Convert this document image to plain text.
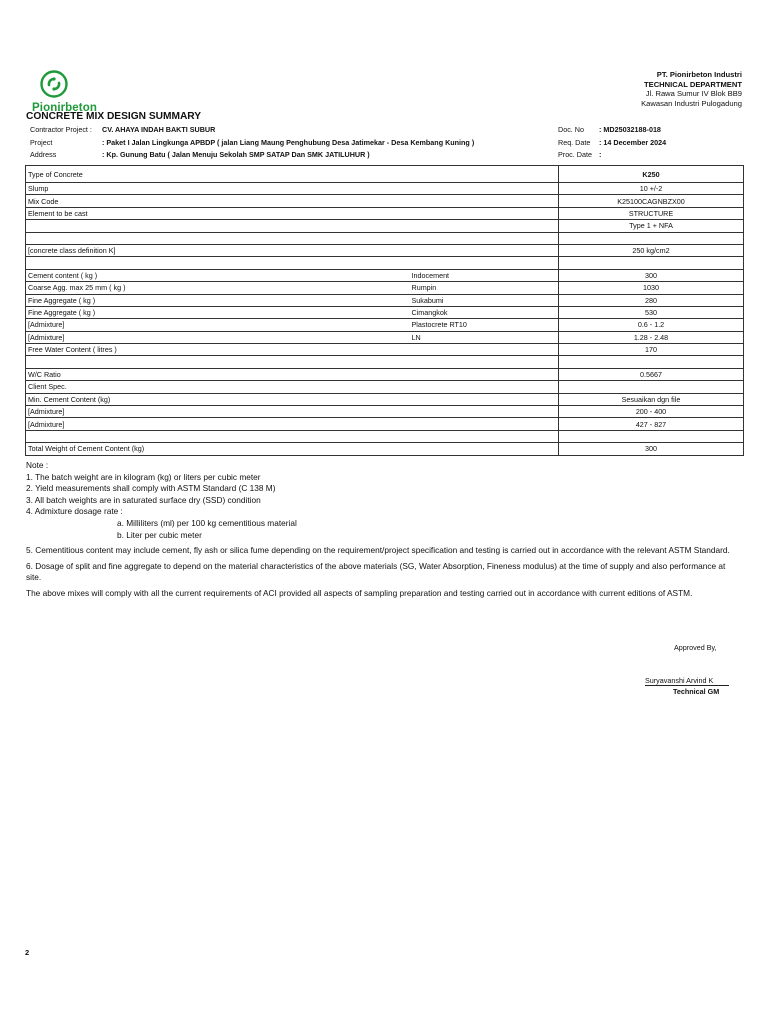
Pionirbeton
PT. Pionirbeton Industri
TECHNICAL DEPARTMENT
Jl. Rawa Sumur IV Blok BB9
Kawasan Industri Pulogadung
CONCRETE MIX DESIGN SUMMARY
Contractor Project :	CV. AHAYA INDAH BAKTI SUBUR
Project	: Paket I Jalan Lingkunga APBDP ( jalan Liang Maung Penghubung Desa Jatimekar - Desa Kembang Kuning )
Address	: Kp. Gunung Batu ( Jalan Menuju Sekolah SMP SATAP Dan SMK JATILUHUR )
Doc. No	: MD25032188-018
Req. Date	: 14 December 2024
Proc. Date :
Type of Concrete		K250
Slump		10 +/-2
Mix Code		K25100CAGNBZX00
Element to be cast		STRUCTURE
		Type 1 + NFA

[concrete class definition K]		250 kg/cm2

Cement content ( kg )	Indocement	300
Coarse Agg. max 25 mm ( kg )	Rumpin	1030
Fine Aggregate ( kg )	Sukabumi	280
Fine Aggregate ( kg )	Cimangkok	530
[Admixture]	Plastocrete RT10	0.6 - 1.2
[Admixture]	LN	1.28 - 2.48
Free Water Content ( litres )		170

W/C Ratio		0.5667
Client Spec.		
Min. Cement Content (kg)		Sesuaikan dgn file
[Admixture]		200 - 400
[Admixture]		427 - 827

Total Weight of Cement Content (kg)		300
Note :
1. The batch weight are in kilogram (kg) or liters per cubic meter
2. Yield measurements shall comply with ASTM Standard (C 138 M)
3. All batch weights are in saturated surface dry (SSD) condition
4. Admixture dosage rate :
a. Milliliters (ml) per 100 kg cementitious material
b. Liter per cubic meter
5. Cementitious content may include cement, fly ash or silica fume depending on the requirement/project specification and testing is carried out in accordance with the relevant ASTM Standard.
6. Dosage of split and fine aggregate to depend on the material characteristics of the above materials (SG, Water Absorption, Fineness modulus) at the time of supply and also performance at site.
The above mixes will comply with all the current requirements of ACI provided all aspects of sampling preparation and testing carried out in accordance with current editions of ASTM.
Approved By,
Suryavanshi Arvind K
Technical GM
2
